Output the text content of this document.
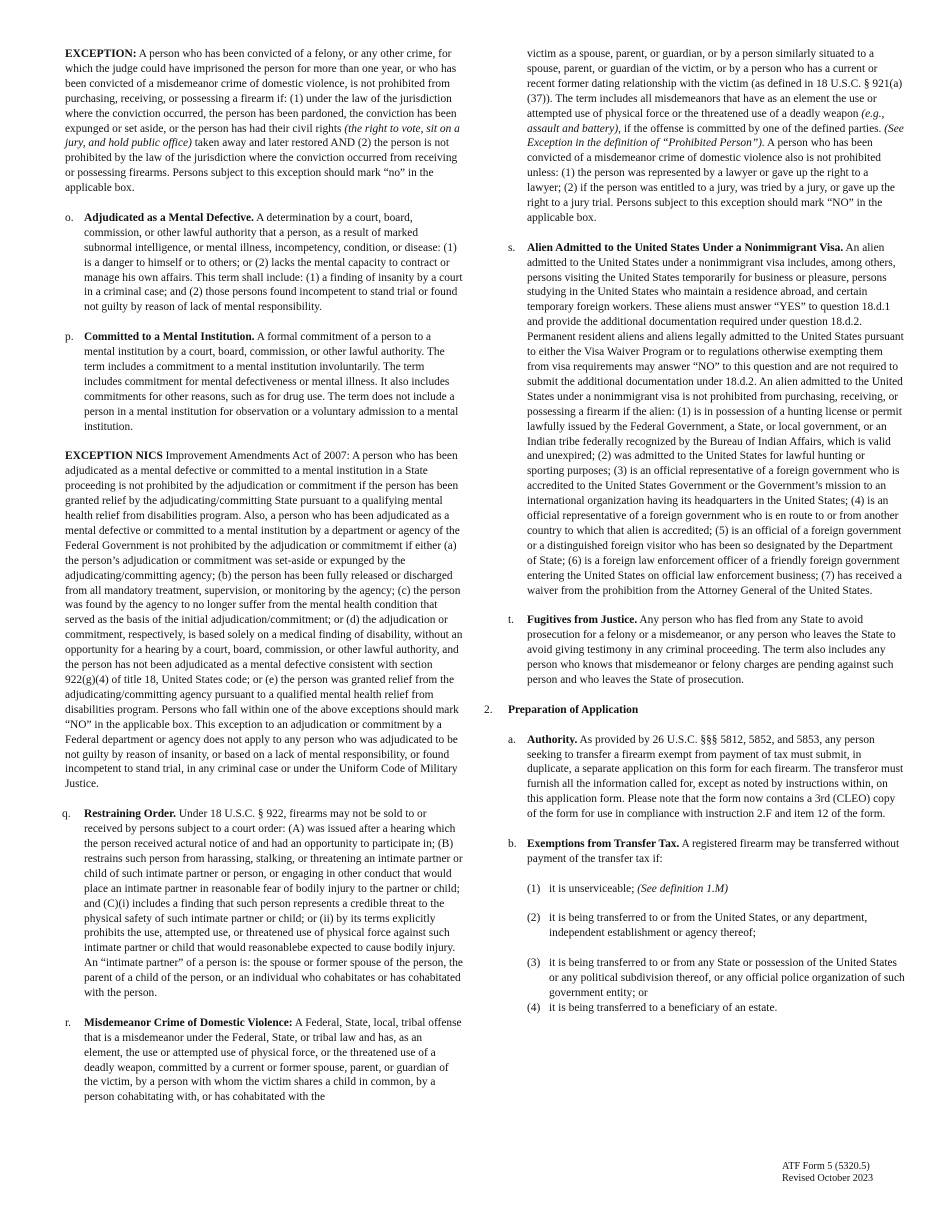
EXCEPTION: A person who has been convicted of a felony, or any other crime, for which the judge could have imprisoned the person for more than one year, or who has been convicted of a misdemeanor crime of domestic violence, is not prohibited from purchasing, receiving, or possessing a firearm if: (1) under the law of the jurisdiction where the conviction occurred, the person has been pardoned, the conviction has been expunged or set aside, or the person has had their civil rights (the right to vote, sit on a jury, and hold public office) taken away and later restored AND (2) the person is not prohibited by the law of the jurisdiction where the conviction occurred from receiving or possessing firearms. Persons subject to this exception should mark “no” in the applicable box.

o. Adjudicated as a Mental Defective. A determination by a court, board, commission, or other lawful authority that a person, as a result of marked subnormal intelligence, or mental illness, incompetency, condition, or disease: (1) is a danger to himself or to others; or (2) lacks the mental capacity to contract or manage his own affairs. This term shall include: (1) a finding of insanity by a court in a criminal case; and (2) those persons found incompetent to stand trial or found not guilty by reason of lack of mental responsibility.

p. Committed to a Mental Institution. A formal commitment of a person to a mental institution by a court, board, commission, or other lawful authority. The term includes a commitment to a mental institution involuntarily. The term includes commitment for mental defectiveness or mental illness. It also includes commitments for other reasons, such as for drug use. The term does not include a person in a mental institution for observation or a voluntary admission to a mental institution.

EXCEPTION NICS Improvement Amendments Act of 2007: A person who has been adjudicated as a mental defective or committed to a mental institution in a State proceeding is not prohibited by the adjudication or commitment if the person has been granted relief by the adjudicating/committing State pursuant to a qualifying mental health relief from disabilities program. Also, a person who has been adjudicated as a mental defective or committed to a mental institution by a department or agency of the Federal Government is not prohibited by the adjudication or commitmemt if either (a) the person’s adjudication or commitment was set-aside or expunged by the adjudicating/committing agency; (b) the person has been fully released or discharged from all mandatory treatment, supervision, or monitoring by the agency; (c) the person was found by the agency to no longer suffer from the mental health condition that served as the basis of the initial adjudication/commitment; or (d) the adjudication or commitment, respectively, is based solely on a medical finding of disability, without an opportunity for a hearing by a court, board, commission, or other lawful authority, and the person has not been adjudicated as a mental defective consistent with section 922(g)(4) of title 18, United States code; or (e) the person was granted relief from the adjudicating/committing agency pursuant to a qualified mental health relief from disabilities program. Persons who fall within one of the above exceptions should mark “NO” in the applicable box. This exception to an adjudication or commitment by a Federal department or agency does not apply to any person who was adjudicated to be not guilty by reason of insanity, or based on a lack of mental responsibility, or found incompetent to stand trial, in any criminal case or under the Uniform Code of Military Justice.

q. Restraining Order. Under 18 U.S.C. § 922, firearms may not be sold to or received by persons subject to a court order: (A) was issued after a hearing which the person received actural notice of and had an opportunity to participate in; (B) restrains such person from harassing, stalking, or threatening an intimate partner or child of such intimate partner or person, or engaging in other conduct that would place an intimate partner in reasonable fear of bodily injury to the partner or child; and (C)(i) includes a finding that such person represents a credible threat to the physical safety of such intimate partner or child; or (ii) by its terms explicitly prohibits the use, attempted use, or threatened use of physical force against such intimate partner or child that would reasonablebe expected to cause bodily injury. An “intimate partner” of a person is: the spouse or former spouse of the person, the parent of a child of the person, or an individual who cohabitates or has cohabitated with the person.

r. Misdemeanor Crime of Domestic Violence: A Federal, State, local, tribal offense that is a misdemeanor under the Federal, State, or tribal law and has, as an element, the use or attempted use of physical force, or the threatened use of a deadly weapon, committed by a current or former spouse, parent, or guardian of the victim, by a person with whom the victim shares a child in common, by a person cohabitating with, or has cohabitated with the

victim as a spouse, parent, or guardian, or by a person similarly situated to a spouse, parent, or guardian of the victim, or by a person who has a current or recent former dating relationship with the victim (as defined in 18 U.S.C. § 921(a)(37)). The term includes all misdemeanors that have as an element the use or attempted use of physical force or the threatened use of a deadly weapon (e.g., assault and battery), if the offense is committed by one of the defined parties. (See Exception in the definition of “Prohibited Person”). A person who has been convicted of a misdemeanor crime of domestic violence also is not prohibited unless: (1) the person was represented by a lawyer or gave up the right to a lawyer; (2) if the person was entitled to a jury, was tried by a jury, or gave up the right to a jury trial. Persons subject to this exception should mark “NO” in the applicable box.

s. Alien Admitted to the United States Under a Nonimmigrant Visa. An alien admitted to the United States under a nonimmigrant visa includes, among others, persons visiting the United States temporarily for business or pleasure, persons studying in the United States who maintain a residence abroad, and certain temporary foreign workers. These aliens must answer “YES” to question 18.d.1 and provide the additional documentation required under question 18.d.2. Permanent resident aliens and aliens legally admitted to the United States pursuant to either the Visa Waiver Program or to regulations otherwise exempting them from visa requirements may answer “NO” to this question and are not required to submit the additional documentation under 18.d.2. An alien admitted to the United States under a nonimmigrant visa is not prohibited from purchasing, receiving, or possessing a firearm if the alien: (1) is in possession of a hunting license or permit lawfully issued by the Federal Government, a State, or local government, or an Indian tribe federally recognized by the Bureau of Indian Affairs, which is valid and unexpired; (2) was admitted to the United States for lawful hunting or sporting purposes; (3) is an official representative of a foreign government who is accredited to the United States Government or the Government’s mission to an international organization having its headquarters in the United States; (4) is an official representative of a foreign government who is en route to or from another country to which that alien is accredited; (5) is an official of a foreign government or a distinguished foreign visitor who has been so designated by the Department of State; (6) is a foreign law enforcement officer of a friendly foreign government entering the United States on official law enforcement business; (7) has received a waiver from the prohibition from the Attorney General of the United States.

t. Fugitives from Justice. Any person who has fled from any State to avoid prosecution for a felony or a misdemeanor, or any person who leaves the State to avoid giving testimony in any criminal proceeding. The term also includes any person who knows that misdemeanor or felony charges are pending against such person and who leaves the State of prosecution.

2. Preparation of Application
a. Authority. As provided by 26 U.S.C. §§§ 5812, 5852, and 5853, any person seeking to transfer a firearm exempt from payment of tax must submit, in duplicate, a separate application on this form for each firearm. The transferor must furnish all the information called for, except as noted by instructions within, on this application form. Please note that the form now contains a 3rd (CLEO) copy of the form for use in compliance with instruction 2.F and item 12 of the form.

b. Exemptions from Transfer Tax. A registered firearm may be transferred without payment of the transfer tax if:

(1) it is unserviceable; (See definition 1.M)

(2) it is being transferred to or from the United States, or any department, independent establishment or agency thereof;

(3) it is being transferred to or from any State or possession of the United States or any political subdivision thereof, or any official police organization of such government entity; or

(4) it is being transferred to a beneficiary of an estate.

ATF Form 5 (5320.5)
Revised October 2023
